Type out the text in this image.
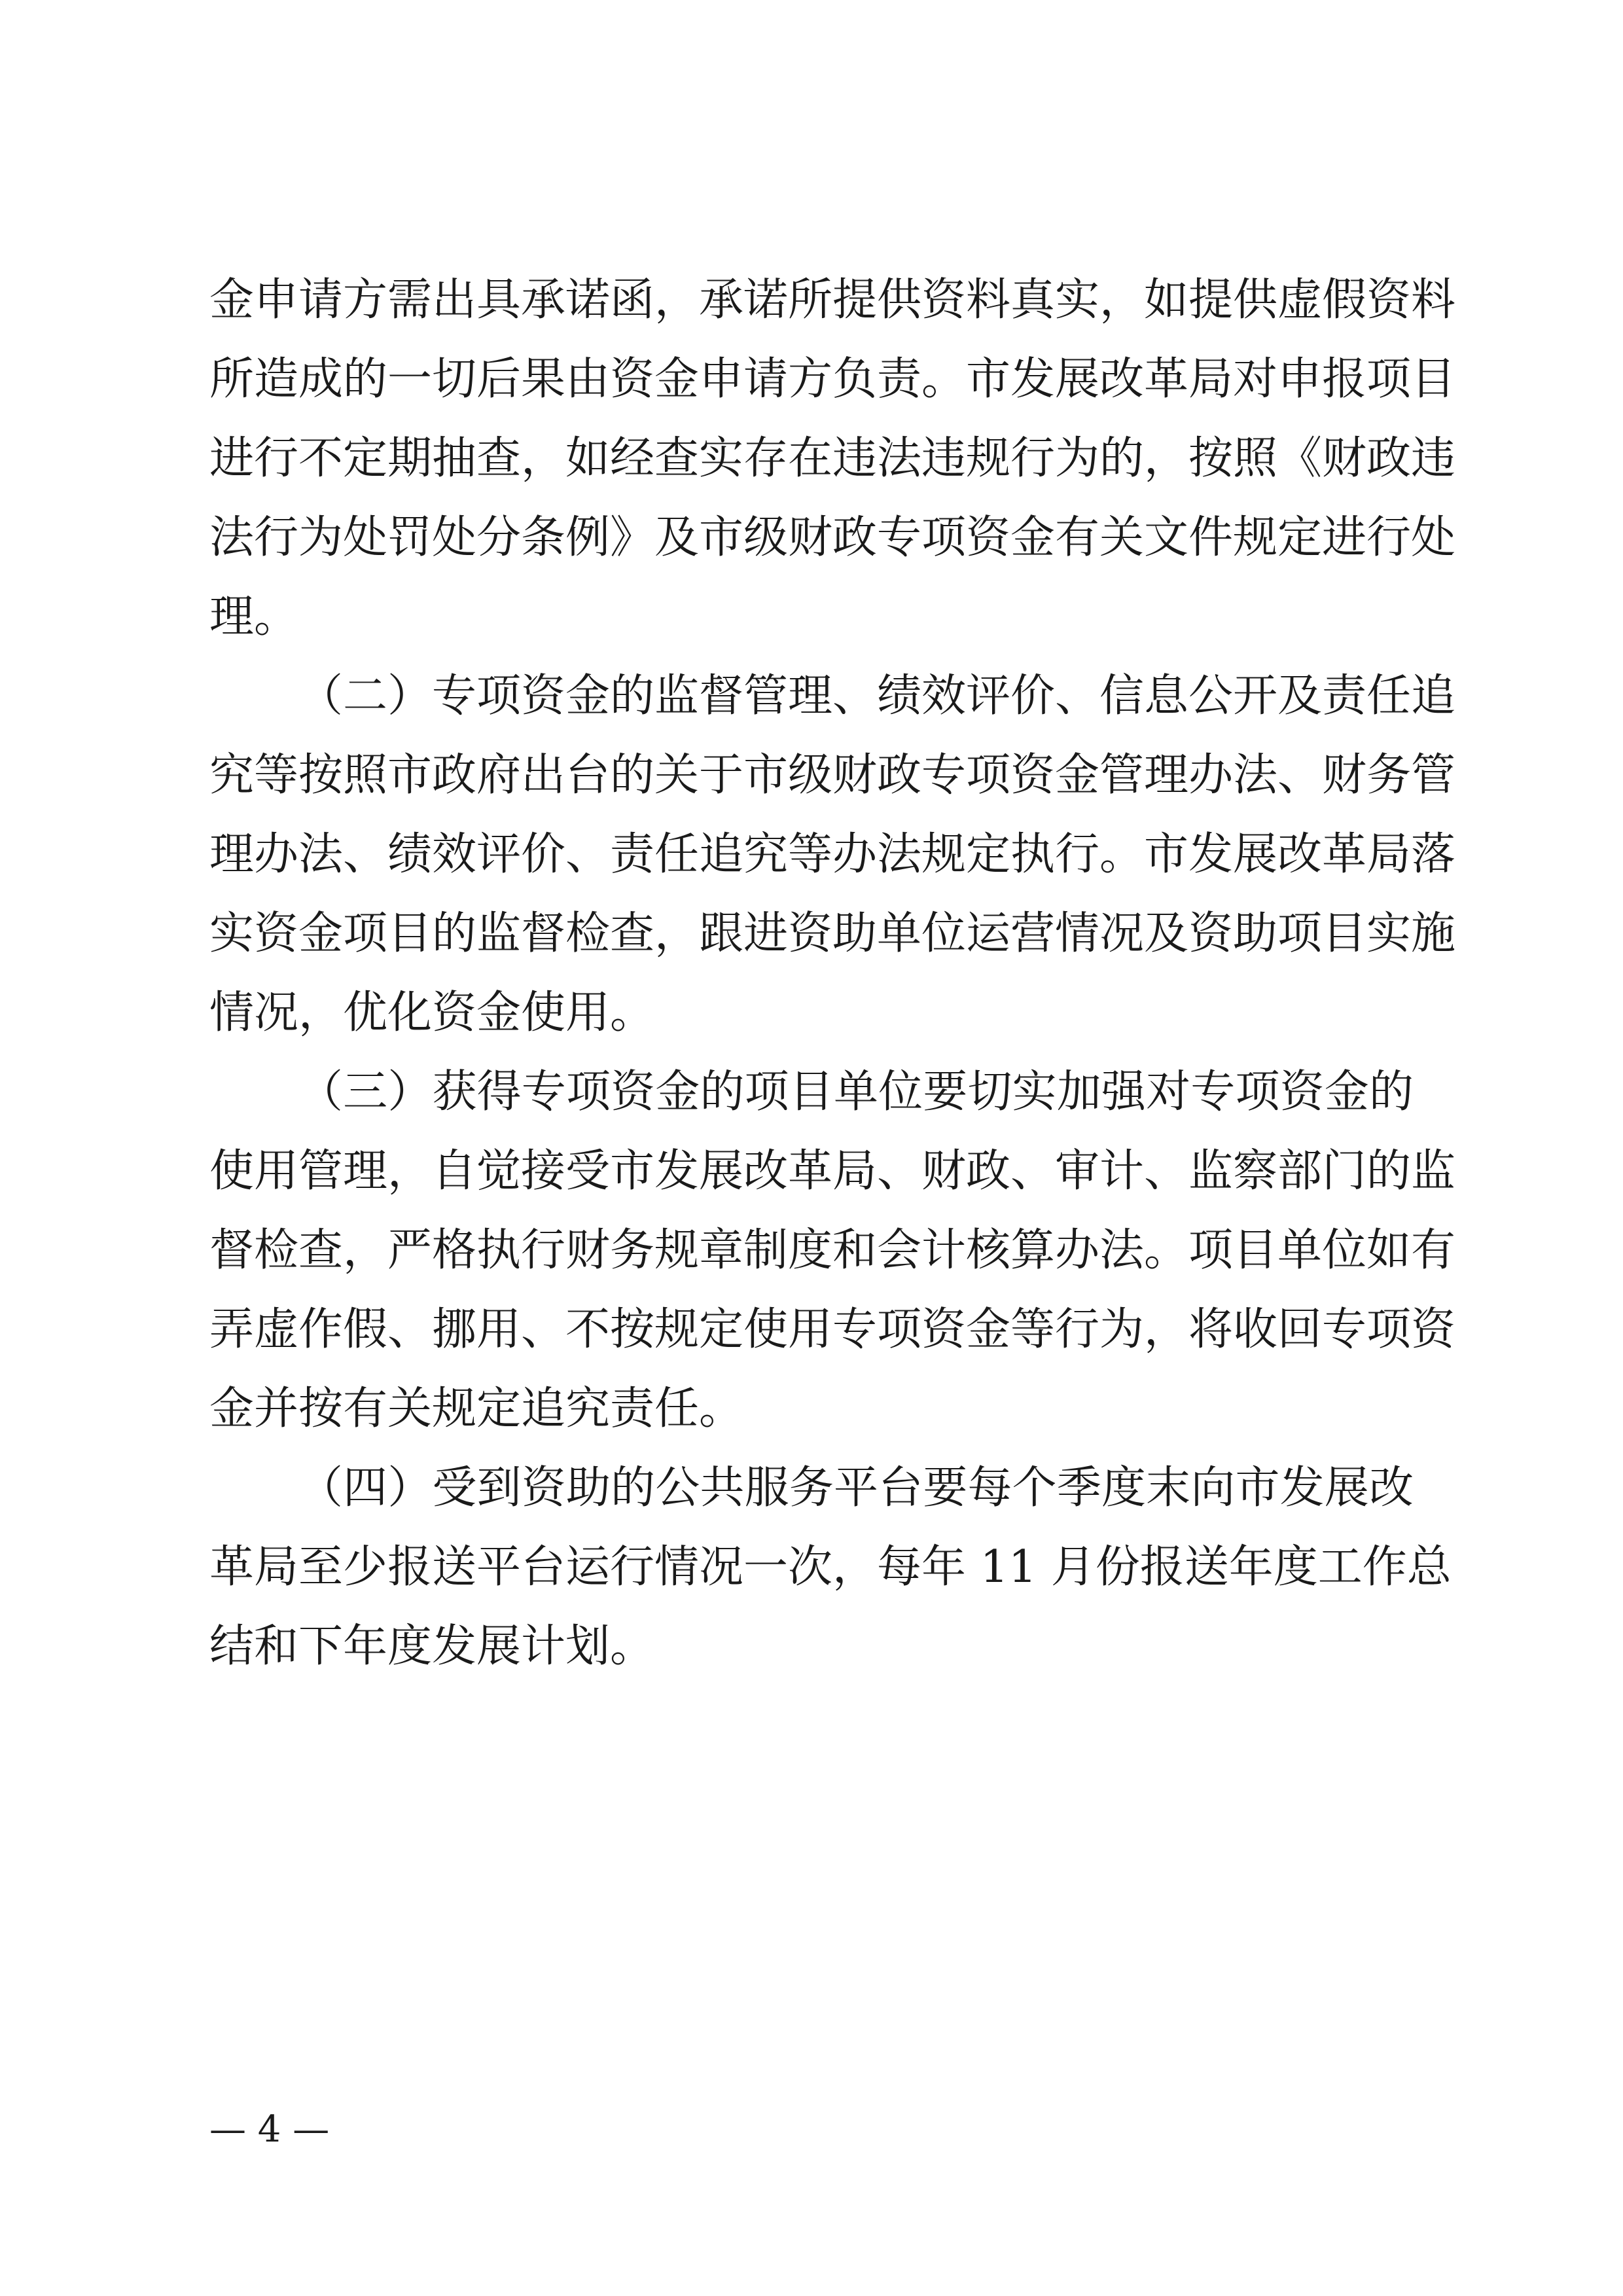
金申请方需出具承诺函，承诺所提供资料真实，如提供虚假资料
所造成的一切后果由资金申请方负责。市发展改革局对申报项目
进行不定期抽查，如经查实存在违法违规行为的，按照《财政违
法行为处罚处分条例》及市级财政专项资金有关文件规定进行处
理。
（二）专项资金的监督管理、绩效评价、信息公开及责任追
究等按照市政府出台的关于市级财政专项资金管理办法、财务管
理办法、绩效评价、责任追究等办法规定执行。市发展改革局落
实资金项目的监督检查，跟进资助单位运营情况及资助项目实施
情况，优化资金使用。
（三）获得专项资金的项目单位要切实加强对专项资金的
使用管理，自觉接受市发展改革局、财政、审计、监察部门的监
督检查，严格执行财务规章制度和会计核算办法。项目单位如有
弄虚作假、挪用、不按规定使用专项资金等行为，将收回专项资
金并按有关规定追究责任。
（四）受到资助的公共服务平台要每个季度末向市发展改
革局至少报送平台运行情况一次，每年 11 月份报送年度工作总
结和下年度发展计划。
— 4 —
